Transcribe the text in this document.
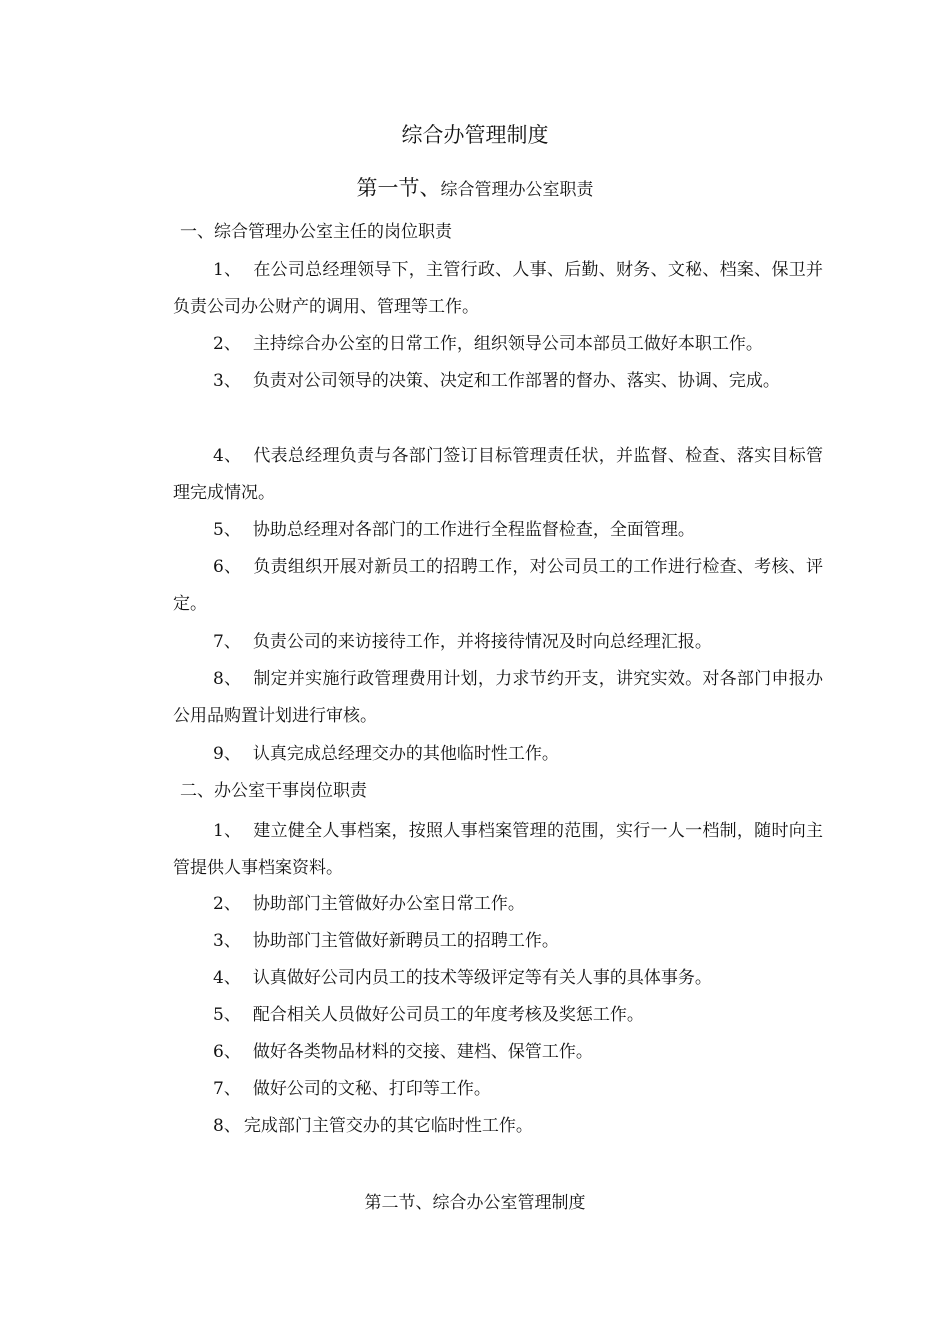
综合办管理制度
第一节、综合管理办公室职责
一、综合管理办公室主任的岗位职责
1、 在公司总经理领导下，主管行政、人事、后勤、财务、文秘、档案、保卫并负责公司办公财产的调用、管理等工作。
2、 主持综合办公室的日常工作，组织领导公司本部员工做好本职工作。
3、 负责对公司领导的决策、决定和工作部署的督办、落实、协调、完成。
4、 代表总经理负责与各部门签订目标管理责任状，并监督、检查、落实目标管理完成情况。
5、 协助总经理对各部门的工作进行全程监督检查，全面管理。
6、 负责组织开展对新员工的招聘工作，对公司员工的工作进行检查、考核、评定。
7、 负责公司的来访接待工作，并将接待情况及时向总经理汇报。
8、 制定并实施行政管理费用计划，力求节约开支，讲究实效。对各部门申报办公用品购置计划进行审核。
9、 认真完成总经理交办的其他临时性工作。
二、办公室干事岗位职责
1、 建立健全人事档案，按照人事档案管理的范围，实行一人一档制，随时向主管提供人事档案资料。
2、 协助部门主管做好办公室日常工作。
3、 协助部门主管做好新聘员工的招聘工作。
4、 认真做好公司内员工的技术等级评定等有关人事的具体事务。
5、 配合相关人员做好公司员工的年度考核及奖惩工作。
6、 做好各类物品材料的交接、建档、保管工作。
7、 做好公司的文秘、打印等工作。
8、 完成部门主管交办的其它临时性工作。
第二节、综合办公室管理制度
